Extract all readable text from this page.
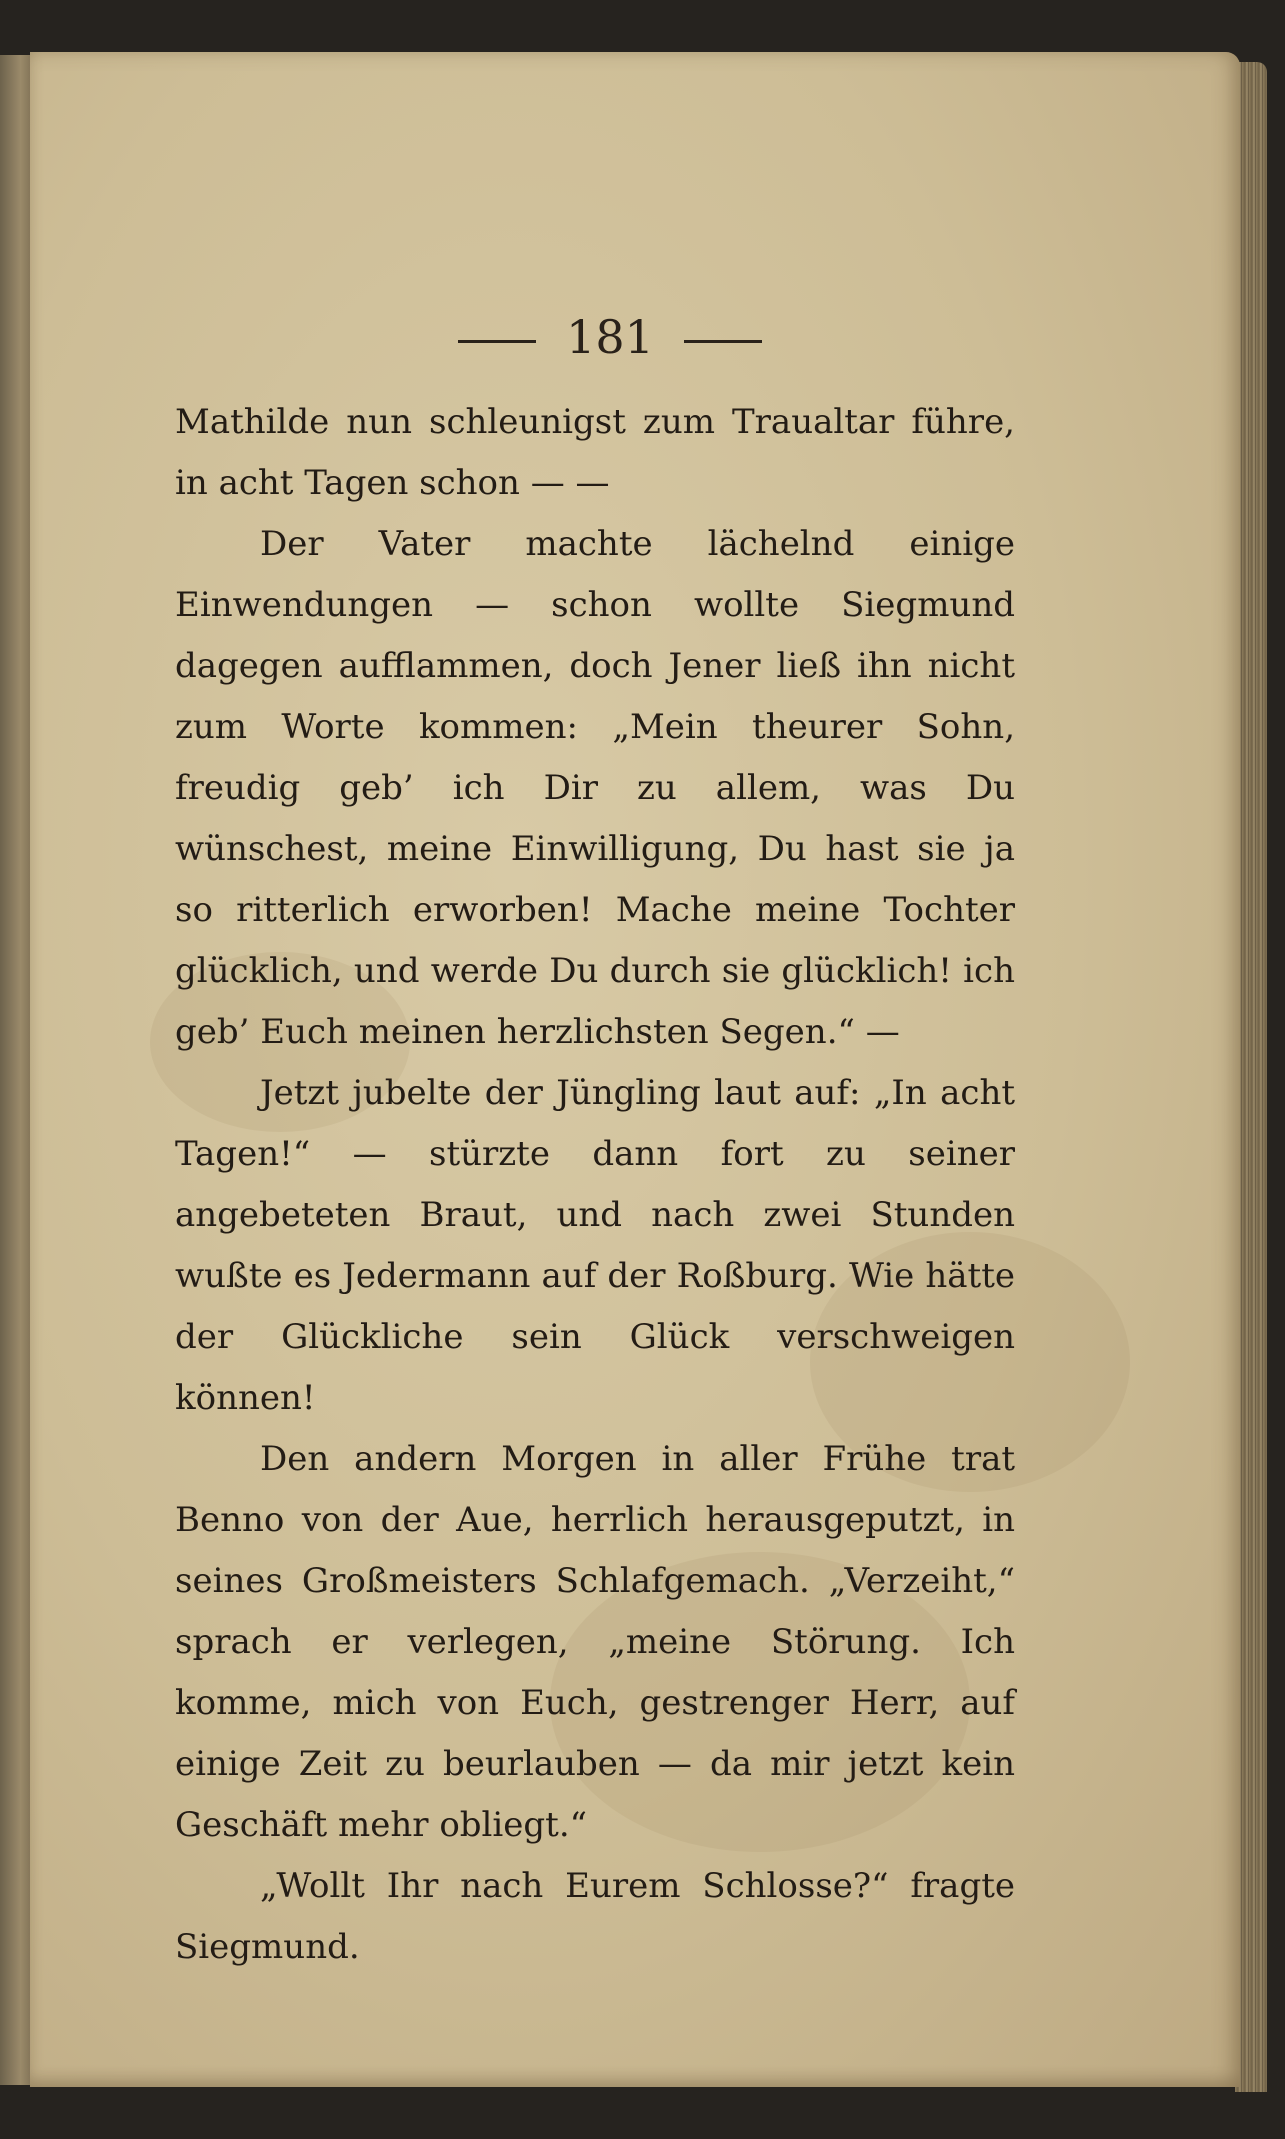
181

Mathilde nun schleunigst zum Traualtar führe, in acht Tagen schon — —

Der Vater machte lächelnd einige Einwendungen — schon wollte Siegmund dagegen aufflammen, doch Jener ließ ihn nicht zum Worte kommen: „Mein theurer Sohn, freudig geb’ ich Dir zu allem, was Du wünschest, meine Einwilligung, Du hast sie ja so ritterlich erworben! Mache meine Tochter glücklich, und werde Du durch sie glücklich! ich geb’ Euch meinen herzlichsten Segen.“ —

Jetzt jubelte der Jüngling laut auf: „In acht Tagen!“ — stürzte dann fort zu seiner angebeteten Braut, und nach zwei Stunden wußte es Jedermann auf der Roßburg. Wie hätte der Glückliche sein Glück verschweigen können!

Den andern Morgen in aller Frühe trat Benno von der Aue, herrlich herausgeputzt, in seines Großmeisters Schlafgemach. „Verzeiht,“ sprach er verlegen, „meine Störung. Ich komme, mich von Euch, gestrenger Herr, auf einige Zeit zu beurlauben — da mir jetzt kein Geschäft mehr obliegt.“

„Wollt Ihr nach Eurem Schlosse?“ fragte Siegmund.
